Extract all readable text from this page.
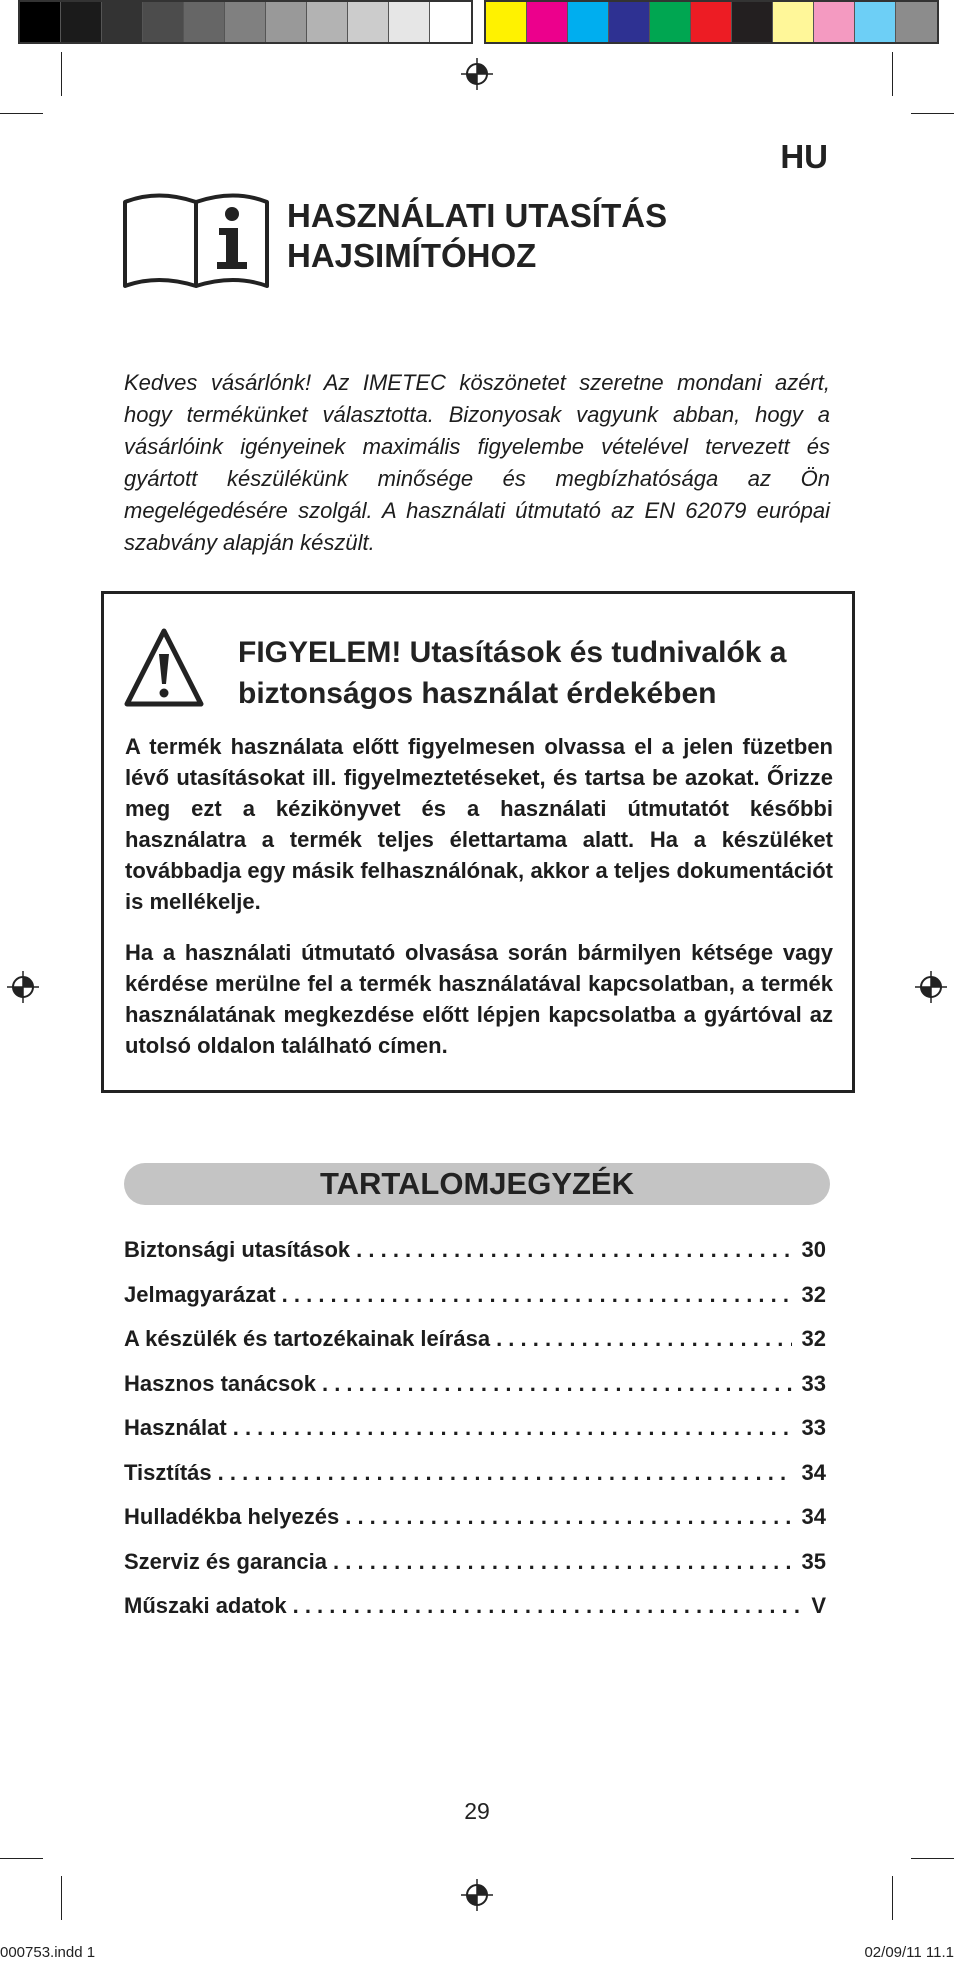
HU
HASZNÁLATI UTASÍTÁS
HAJSIMÍTÓHOZ

Kedves vásárlónk! Az IMETEC köszönetet szeretne mondani azért, hogy termékünket választotta. Bizonyosak vagyunk abban, hogy a vásárlóink igényeinek maximális figyelembe vételével tervezett és gyártott készülékünk minősége és megbízhatósága az Ön megelégedésére szolgál. A használati útmutató az EN 62079 európai szabvány alapján készült.

FIGYELEM! Utasítások és tudnivalók a biztonságos használat érdekében

A termék használata előtt figyelmesen olvassa el a jelen füzetben lévő utasításokat ill. figyelmeztetéseket, és tartsa be azokat. Őrizze meg ezt a kézikönyvet és a használati útmutatót későbbi használatra a termék teljes élettartama alatt. Ha a készüléket továbbadja egy másik felhasználónak, akkor a teljes dokumentációt is mellékelje.

Ha a használati útmutató olvasása során bármilyen kétsége vagy kérdése merülne fel a termék használatával kapcsolatban, a termék használatának megkezdése előtt lépjen kapcsolatba a gyártóval az utolsó oldalon található címen.

TARTALOMJEGYZÉK
Biztonsági utasítások . . .	30
Jelmagyarázat . . .	32
A készülék és tartozékainak leírása . . .	32
Hasznos tanácsok . . .	33
Használat . . .	33
Tisztítás . . .	34
Hulladékba helyezés . . .	34
Szerviz és garancia . . .	35
Műszaki adatok . . .	V
29
000753.indd 1	02/09/11 11.1
